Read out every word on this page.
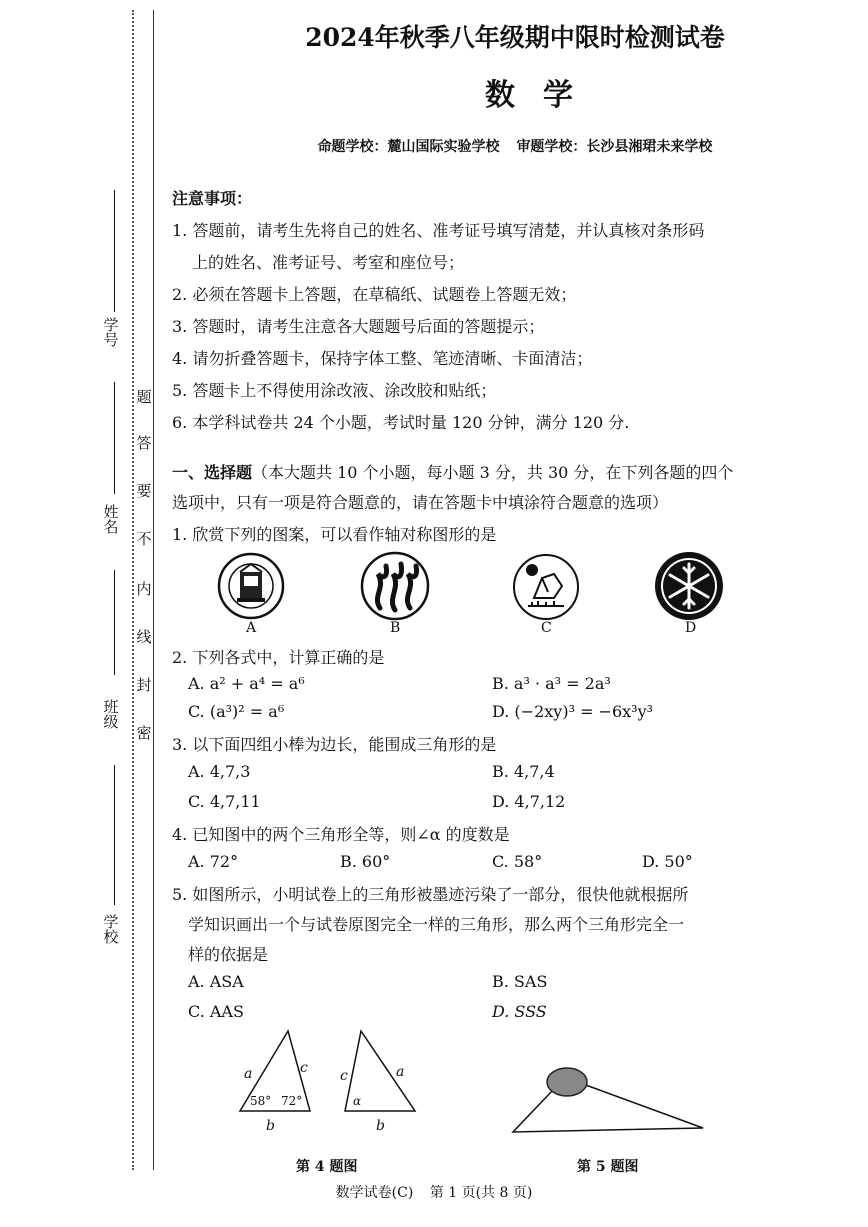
学 号
姓 名
班 级
学 校
题
答
要
不
内
线
封
密
2024年秋季八年级期中限时检测试卷
数学
命题学校：麓山国际实验学校 审题学校：长沙县湘珺未来学校
注意事项：
1. 答题前，请考生先将自己的姓名、准考证号填写清楚，并认真核对条形码
上的姓名、准考证号、考室和座位号；
2. 必须在答题卡上答题，在草稿纸、试题卷上答题无效；
3. 答题时，请考生注意各大题题号后面的答题提示；
4. 请勿折叠答题卡，保持字体工整、笔迹清晰、卡面清洁；
5. 答题卡上不得使用涂改液、涂改胶和贴纸；
6. 本学科试卷共 24 个小题，考试时量 120 分钟，满分 120 分.
一、选择题（本大题共 10 个小题，每小题 3 分，共 30 分，在下列各题的四个
选项中，只有一项是符合题意的，请在答题卡中填涂符合题意的选项）
1. 欣赏下列的图案，可以看作轴对称图形的是
A	B	C	D
2. 下列各式中，计算正确的是
A. a² + a⁴ = a⁶	B. a³ · a³ = 2a³
C. (a³)² = a⁶	D. (−2xy)³ = −6x³y³
3. 以下面四组小棒为边长，能围成三角形的是
A. 4,7,3	B. 4,7,4
C. 4,7,11	D. 4,7,12
4. 已知图中的两个三角形全等，则∠α 的度数是
A. 72°	B. 60°	C. 58°	D. 50°
5. 如图所示，小明试卷上的三角形被墨迹污染了一部分，很快他就根据所
学知识画出一个与试卷原图完全一样的三角形，那么两个三角形完全一
样的依据是
A. ASA	B. SAS
C. AAS	D. SSS
a	c
b
58° 72°
c	a
b
α
第 4 题图	第 5 题图
数学试卷(C) 第 1 页(共 8 页)
